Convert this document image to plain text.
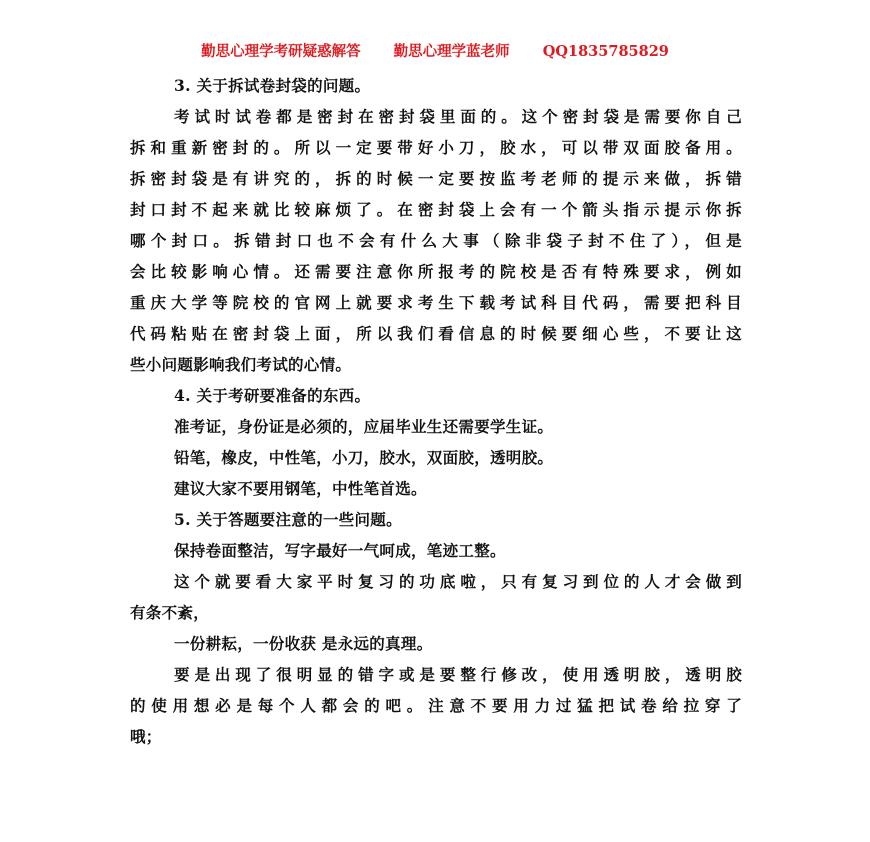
勤思心理学考研疑惑解答 勤思心理学蓝老师 QQ1835785829
3. 关于拆试卷封袋的问题。
考试时试卷都是密封在密封袋里面的。这个密封袋是需要你自己
拆和重新密封的。所以一定要带好小刀，胶水，可以带双面胶备用。
拆密封袋是有讲究的，拆的时候一定要按监考老师的提示来做，拆错
封口封不起来就比较麻烦了。在密封袋上会有一个箭头指示提示你拆
哪个封口。拆错封口也不会有什么大事（除非袋子封不住了），但是
会比较影响心情。还需要注意你所报考的院校是否有特殊要求，例如
重庆大学等院校的官网上就要求考生下载考试科目代码，需要把科目
代码粘贴在密封袋上面，所以我们看信息的时候要细心些，不要让这
些小问题影响我们考试的心情。
4. 关于考研要准备的东西。
准考证，身份证是必须的，应届毕业生还需要学生证。
铅笔，橡皮，中性笔，小刀，胶水，双面胶，透明胶。
建议大家不要用钢笔，中性笔首选。
5. 关于答题要注意的一些问题。
保持卷面整洁，写字最好一气呵成，笔迹工整。
这个就要看大家平时复习的功底啦，只有复习到位的人才会做到
有条不紊，
一份耕耘，一份收获 是永远的真理。
要是出现了很明显的错字或是要整行修改，使用透明胶，透明胶
的使用想必是每个人都会的吧。注意不要用力过猛把试卷给拉穿了
哦；
